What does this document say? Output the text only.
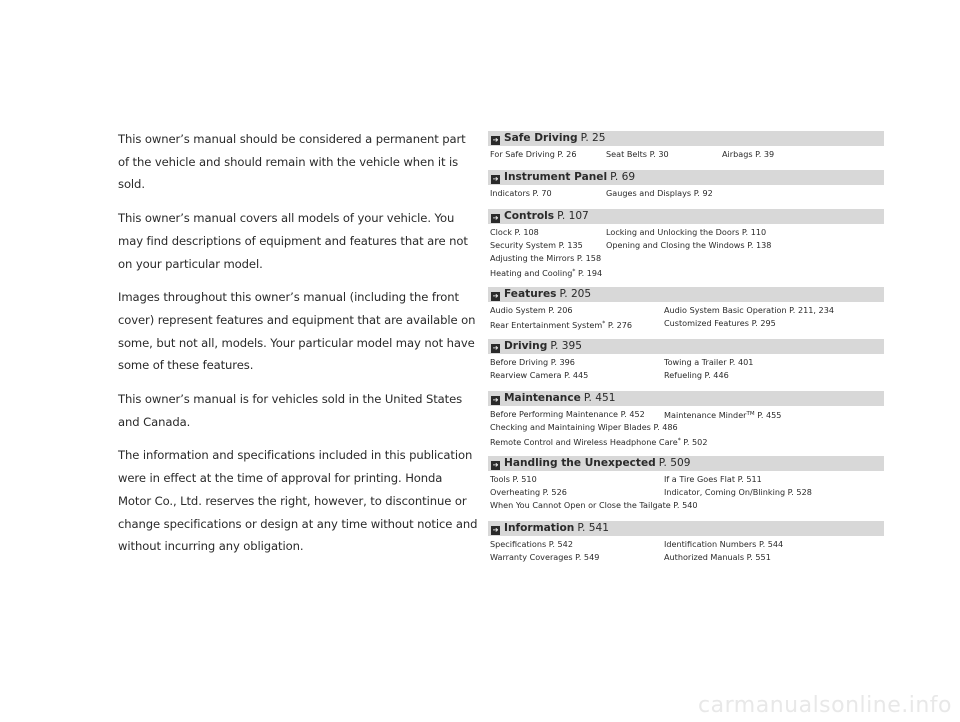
This owner’s manual should be considered a permanent part of the vehicle and should remain with the vehicle when it is sold.

This owner’s manual covers all models of your vehicle. You may find descriptions of equipment and features that are not on your particular model.

Images throughout this owner’s manual (including the front cover) represent features and equipment that are available on some, but not all, models. Your particular model may not have some of these features.

This owner’s manual is for vehicles sold in the United States and Canada.

The information and specifications included in this publication were in effect at the time of approval for printing. Honda Motor Co., Ltd. reserves the right, however, to discontinue or change specifications or design at any time without notice and without incurring any obligation.

➔ Safe Driving P. 25
For Safe Driving P. 26	Seat Belts P. 30	Airbags P. 39
➔ Instrument Panel P. 69
Indicators P. 70	Gauges and Displays P. 92
➔ Controls P. 107
Clock P. 108	Locking and Unlocking the Doors P. 110
Security System P. 135	Opening and Closing the Windows P. 138
Adjusting the Mirrors P. 158
Heating and Cooling* P. 194
➔ Features P. 205
Audio System P. 206	Audio System Basic Operation P. 211, 234
Rear Entertainment System* P. 276	Customized Features P. 295
➔ Driving P. 395
Before Driving P. 396	Towing a Trailer P. 401
Rearview Camera P. 445	Refueling P. 446
➔ Maintenance P. 451
Before Performing Maintenance P. 452	Maintenance Minder™ P. 455
Checking and Maintaining Wiper Blades P. 486
Remote Control and Wireless Headphone Care* P. 502
➔ Handling the Unexpected P. 509
Tools P. 510	If a Tire Goes Flat P. 511
Overheating P. 526	Indicator, Coming On/Blinking P. 528
When You Cannot Open or Close the Tailgate P. 540
➔ Information P. 541
Specifications P. 542	Identification Numbers P. 544
Warranty Coverages P. 549	Authorized Manuals P. 551
carmanualsonline.info
